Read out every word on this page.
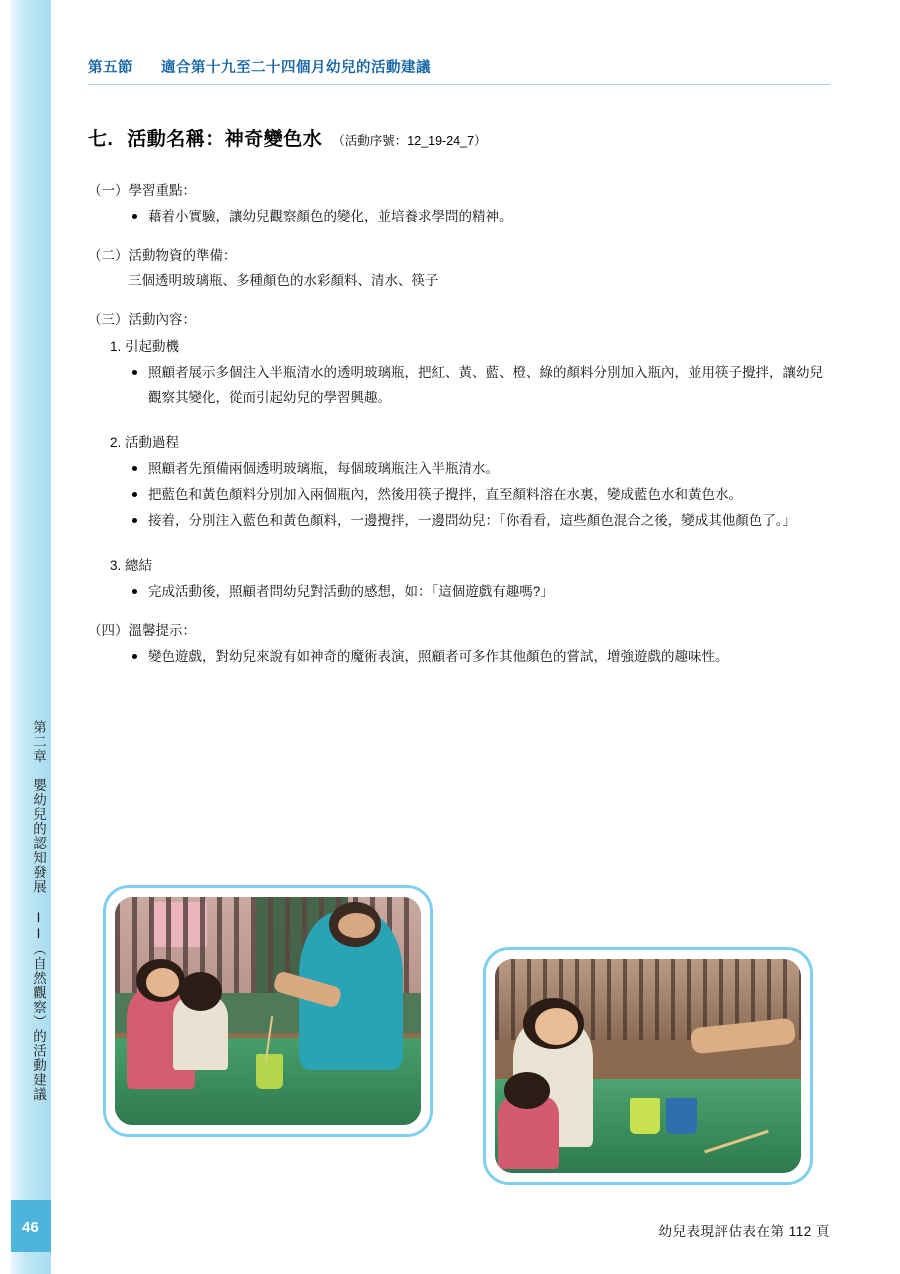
第二章　嬰幼兒的認知發展 II（自然觀察）的活動建議
46
第五節 適合第十九至二十四個月幼兒的活動建議
七. 活動名稱：神奇變色水 （活動序號：12_19-24_7）
（一）學習重點：
藉着小實驗，讓幼兒觀察顏色的變化，並培養求學問的精神。
（二）活動物資的準備：
三個透明玻璃瓶、多種顏色的水彩顏料、清水、筷子
（三）活動內容：
1. 引起動機
照顧者展示多個注入半瓶清水的透明玻璃瓶，把紅、黃、藍、橙、綠的顏料分別加入瓶內，並用筷子攪拌，讓幼兒觀察其變化，從而引起幼兒的學習興趣。
2. 活動過程
照顧者先預備兩個透明玻璃瓶，每個玻璃瓶注入半瓶清水。
把藍色和黃色顏料分別加入兩個瓶內，然後用筷子攪拌，直至顏料溶在水裏，變成藍色水和黃色水。
接着，分別注入藍色和黃色顏料，一邊攪拌，一邊問幼兒：「你看看，這些顏色混合之後，變成其他顏色了。」
3. 總結
完成活動後，照顧者問幼兒對活動的感想，如：「這個遊戲有趣嗎?」
（四）溫馨提示：
變色遊戲，對幼兒來說有如神奇的魔術表演，照顧者可多作其他顏色的嘗試，增強遊戲的趣味性。
幼兒表現評估表在第 112 頁
